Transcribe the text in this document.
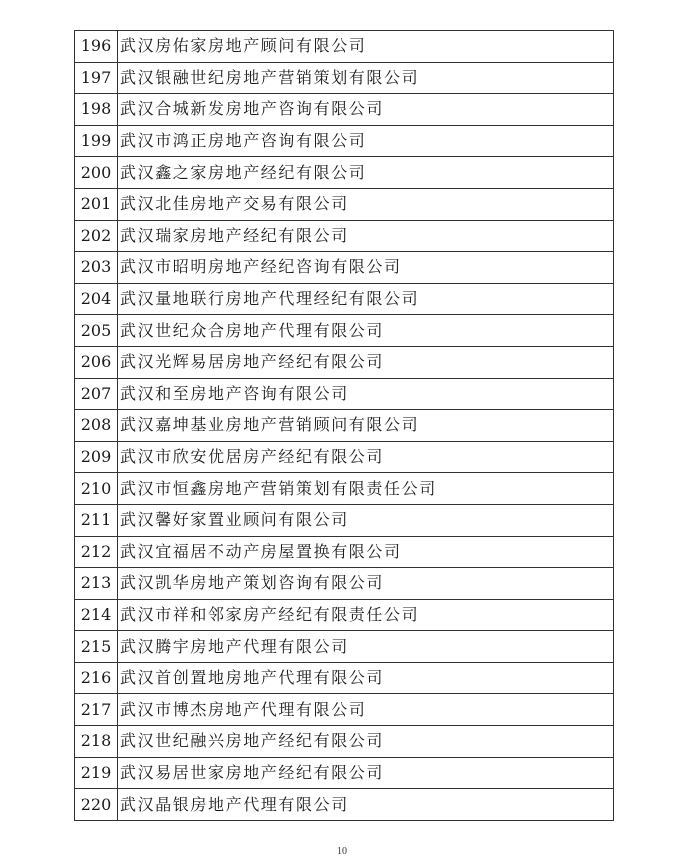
196	武汉房佑家房地产顾问有限公司
197	武汉银融世纪房地产营销策划有限公司
198	武汉合城新发房地产咨询有限公司
199	武汉市鸿正房地产咨询有限公司
200	武汉鑫之家房地产经纪有限公司
201	武汉北佳房地产交易有限公司
202	武汉瑞家房地产经纪有限公司
203	武汉市昭明房地产经纪咨询有限公司
204	武汉量地联行房地产代理经纪有限公司
205	武汉世纪众合房地产代理有限公司
206	武汉光辉易居房地产经纪有限公司
207	武汉和至房地产咨询有限公司
208	武汉嘉坤基业房地产营销顾问有限公司
209	武汉市欣安优居房产经纪有限公司
210	武汉市恒鑫房地产营销策划有限责任公司
211	武汉馨好家置业顾问有限公司
212	武汉宜福居不动产房屋置换有限公司
213	武汉凯华房地产策划咨询有限公司
214	武汉市祥和邻家房产经纪有限责任公司
215	武汉腾宇房地产代理有限公司
216	武汉首创置地房地产代理有限公司
217	武汉市博杰房地产代理有限公司
218	武汉世纪融兴房地产经纪有限公司
219	武汉易居世家房地产经纪有限公司
220	武汉晶银房地产代理有限公司
10
